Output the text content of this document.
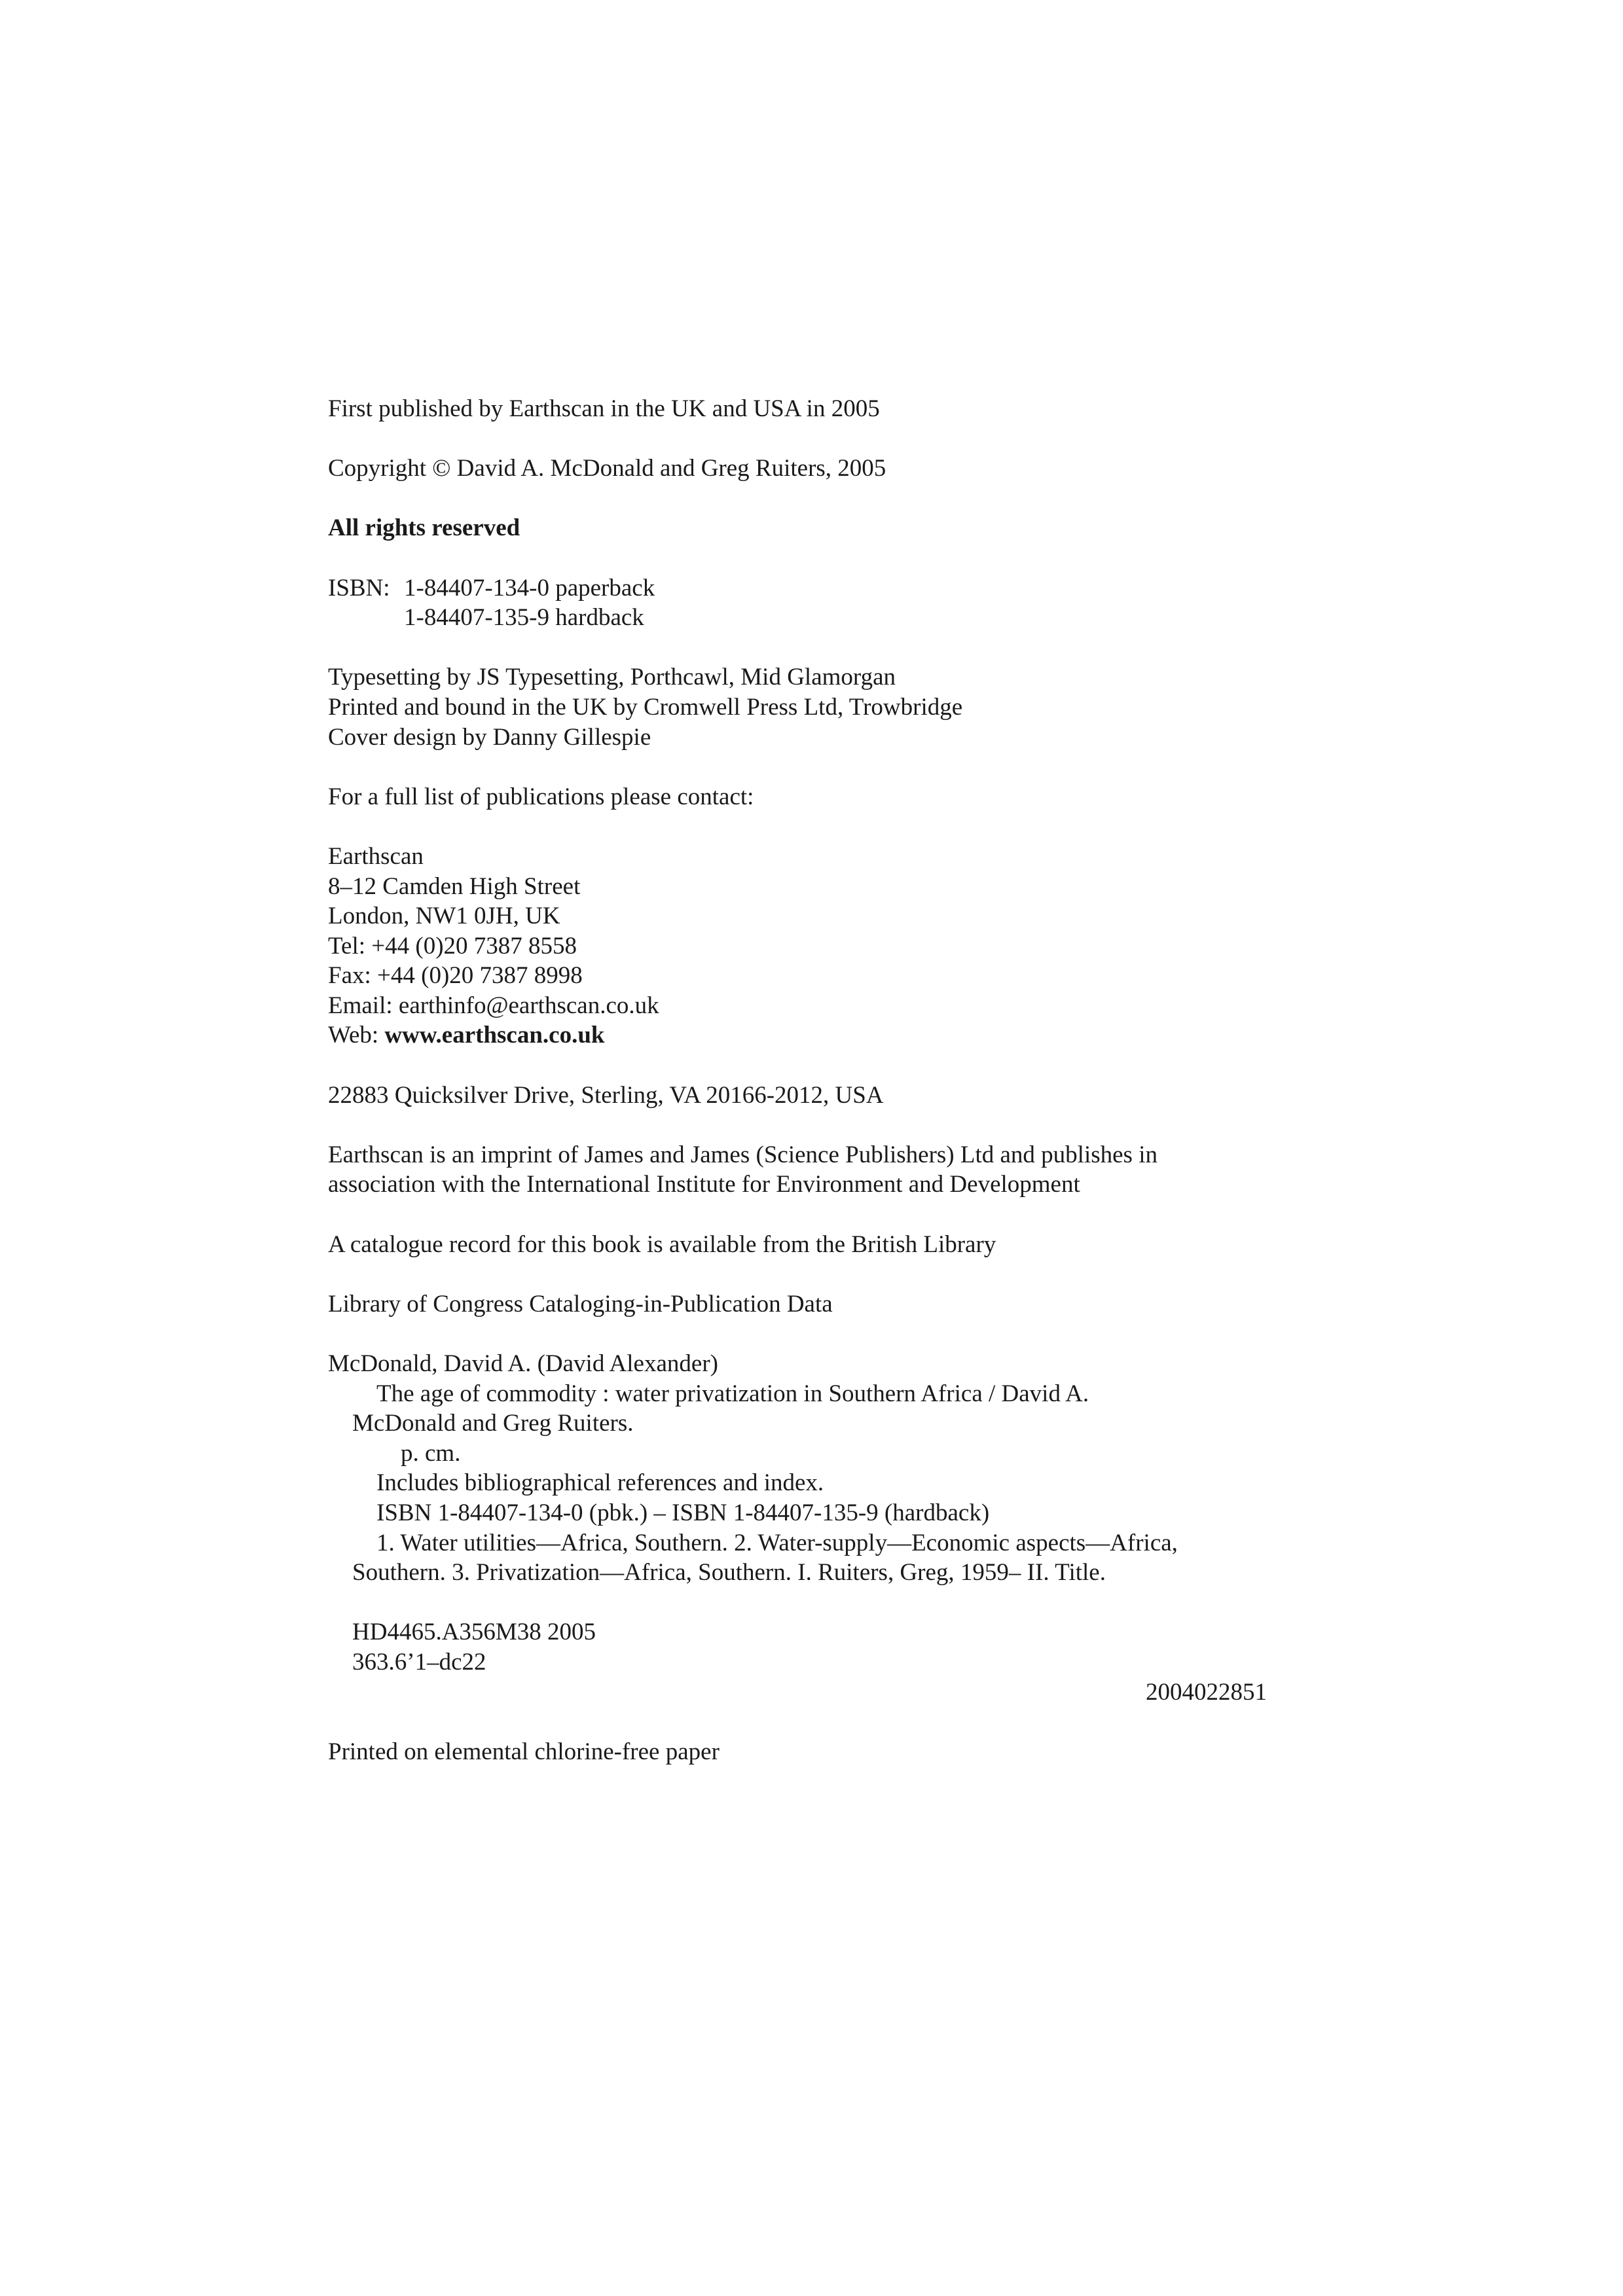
First published by Earthscan in the UK and USA in 2005
Copyright © David A. McDonald and Greg Ruiters, 2005
All rights reserved
ISBN: 1-84407-134-0 paperback
1-84407-135-9 hardback
Typesetting by JS Typesetting, Porthcawl, Mid Glamorgan
Printed and bound in the UK by Cromwell Press Ltd, Trowbridge
Cover design by Danny Gillespie
For a full list of publications please contact:
Earthscan
8–12 Camden High Street
London, NW1 0JH, UK
Tel: +44 (0)20 7387 8558
Fax: +44 (0)20 7387 8998
Email: earthinfo@earthscan.co.uk
Web: www.earthscan.co.uk
22883 Quicksilver Drive, Sterling, VA 20166-2012, USA
Earthscan is an imprint of James and James (Science Publishers) Ltd and publishes in
association with the International Institute for Environment and Development
A catalogue record for this book is available from the British Library
Library of Congress Cataloging-in-Publication Data
McDonald, David A. (David Alexander)
The age of commodity : water privatization in Southern Africa / David A.
McDonald and Greg Ruiters.
p. cm.
Includes bibliographical references and index.
ISBN 1-84407-134-0 (pbk.) – ISBN 1-84407-135-9 (hardback)
1. Water utilities—Africa, Southern. 2. Water-supply—Economic aspects—Africa,
Southern. 3. Privatization—Africa, Southern. I. Ruiters, Greg, 1959– II. Title.
HD4465.A356M38 2005
363.6’1–dc22
2004022851
Printed on elemental chlorine-free paper
